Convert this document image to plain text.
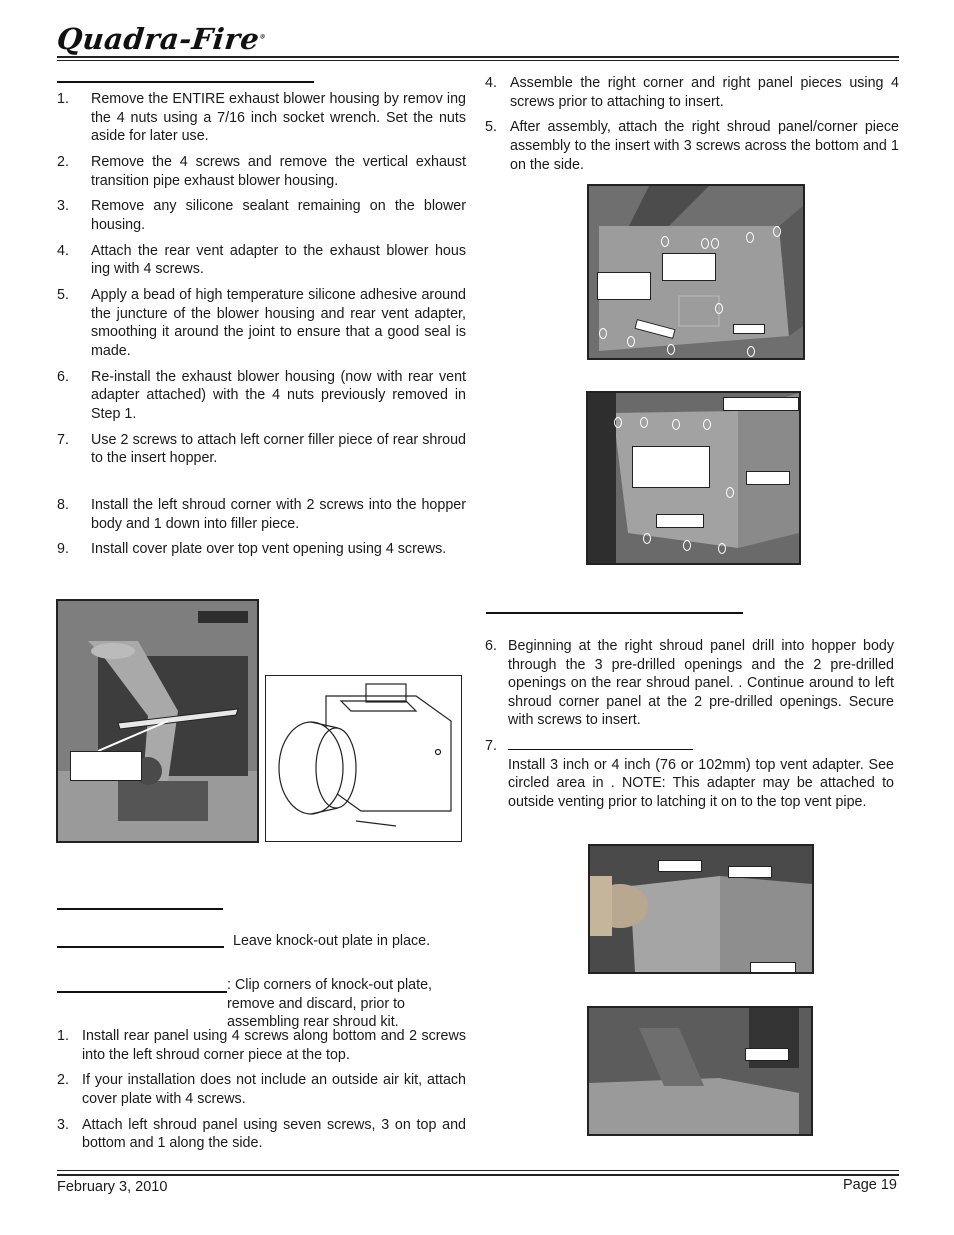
Quadra-Fire®
1. Remove the ENTIRE exhaust blower housing by remov ing the 4 nuts using a 7/16 inch socket wrench. Set the nuts aside for later use.
2. Remove the 4 screws and remove the vertical exhaust transition pipe exhaust blower housing.
3. Remove any silicone sealant remaining on the blower housing.
4. Attach the rear vent adapter to the exhaust blower hous ing with 4 screws.
5. Apply a bead of high temperature silicone adhesive around the juncture of the blower housing and rear vent adapter, smoothing it around the joint to ensure that a good seal is made.
6. Re-install the exhaust blower housing (now with rear vent adapter attached) with the 4 nuts previously removed in Step 1.
7. Use 2 screws to attach left corner filler piece of rear shroud to the insert hopper.
8. Install the left shroud corner with 2 screws into the hopper body and 1 down into filler piece.
9. Install cover plate over top vent opening using 4 screws.
Leave knock-out plate in place.
: Clip corners of knock-out plate, remove and discard, prior to assembling rear shroud kit.
1. Install rear panel using 4 screws along bottom and 2 screws into the left shroud corner piece at the top.
2. If your installation does not include an outside air kit, attach cover plate with 4 screws.
3. Attach left shroud panel using seven screws, 3 on top and bottom and 1 along the side.
4. Assemble the right corner and right panel pieces using 4 screws prior to attaching to insert.
5. After assembly, attach the right shroud panel/corner piece assembly to the insert with 3 screws across the bottom and 1 on the side.
6. Beginning at the right shroud panel drill into hopper body through the 3 pre-drilled openings and the 2 pre-drilled openings on the rear shroud panel. . Continue around to left shroud corner panel at the 2 pre-drilled openings. Secure with screws to insert.
7.
Install 3 inch or 4 inch (76 or 102mm) top vent adapter. See circled area in . NOTE: This adapter may be attached to outside venting prior to latching it on to the top vent pipe.
February 3, 2010	Page 19
